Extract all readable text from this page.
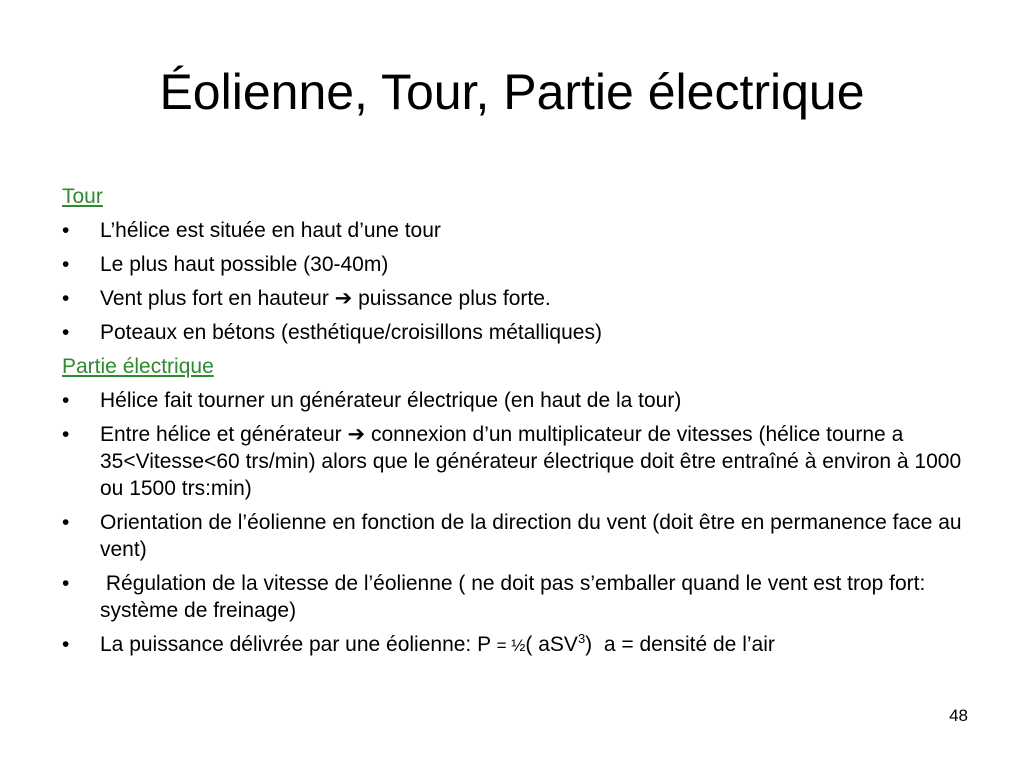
Éolienne, Tour, Partie électrique
Tour
•	L’hélice est située en haut d’une tour
•	Le plus haut possible (30-40m)
•	Vent plus fort en hauteur ➔ puissance plus forte.
•	Poteaux en bétons (esthétique/croisillons métalliques)
Partie électrique
•	Hélice fait tourner un générateur électrique (en haut de la tour)
•	Entre hélice et générateur ➔ connexion d’un multiplicateur de vitesses (hélice tourne a 35<Vitesse<60 trs/min) alors que le générateur électrique doit être entraîné à environ à 1000 ou 1500 trs:min)
•	Orientation de l’éolienne en fonction de la direction du vent (doit être en permanence face au vent)
•	Régulation de la vitesse de l’éolienne ( ne doit pas s’emballer quand le vent est trop fort: système de freinage)
•	La puissance délivrée par une éolienne: P = ½( aSV$^3$)  a = densité de l’air
48
